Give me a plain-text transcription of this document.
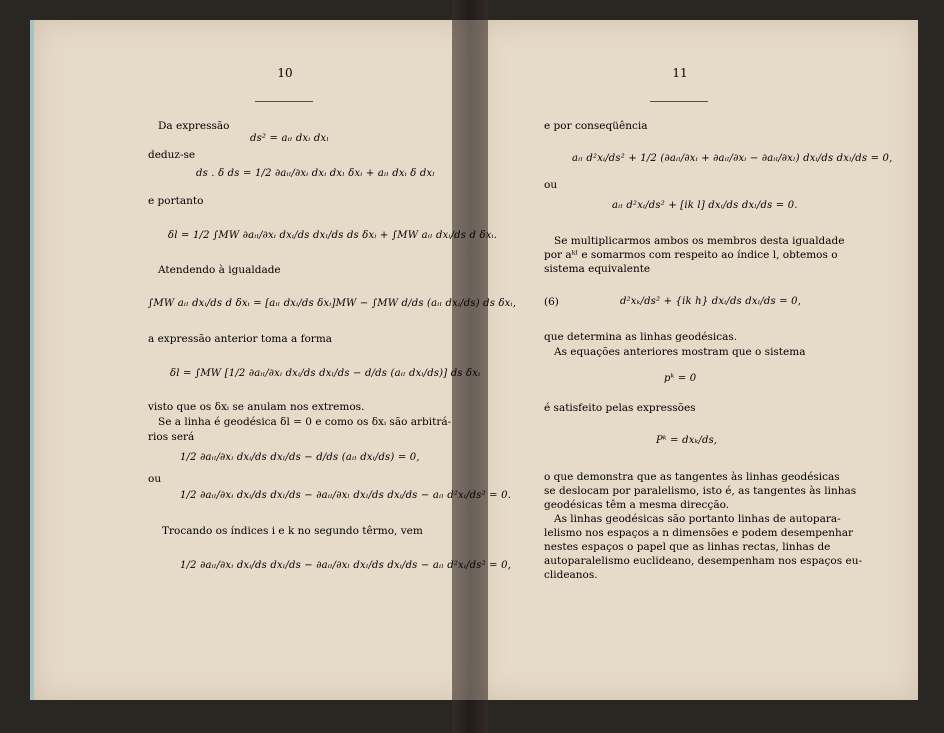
10	11
Da expressão
ds² = aᵢₗ dxᵢ dxₗ
deduz-se
ds . δ ds = 1/2 ∂aᵢₗ/∂xᵢ dxᵢ dxₗ δxᵢ + aᵢₗ dxᵢ δ dxₗ
e portanto
δl = 1/2 ∫MW ∂aᵢₗ/∂xᵢ dxᵢ/ds dxₗ/ds ds δxᵢ + ∫MW aᵢₗ dxᵢ/ds d δxᵢ.
Atendendo à igualdade
∫MW aᵢₗ dxᵢ/ds d δxᵢ = [aᵢₗ dxᵢ/ds δxᵢ]MW − ∫MW d/ds (aᵢₗ dxᵢ/ds) ds δxᵢ,
a expressão anterior toma a forma
δl = ∫MW [1/2 ∂aᵢₗ/∂xᵢ dxᵢ/ds dxₗ/ds − d/ds (aᵢₗ dxᵢ/ds)] ds δxᵢ
visto que os δxᵢ se anulam nos extremos.
Se a linha é geodésica δl = 0 e como os δxᵢ são arbitrá-
rios será
1/2 ∂aᵢₗ/∂xᵢ dxᵢ/ds dxₗ/ds − d/ds (aᵢₗ dxᵢ/ds) = 0,
ou
1/2 ∂aᵢₗ/∂xᵢ dxᵢ/ds dxₗ/ds − ∂aᵢₗ/∂xₗ dxₗ/ds dxᵢ/ds − aᵢₗ d²xᵢ/ds² = 0.
Trocando os índices i e k no segundo têrmo, vem
1/2 ∂aᵢₗ/∂xᵢ dxᵢ/ds dxₗ/ds − ∂aᵢₗ/∂xₗ dxₗ/ds dxᵢ/ds − aᵢₗ d²xᵢ/ds² = 0,
e por conseqüência
aᵢₗ d²xᵢ/ds² + 1/2 (∂aᵢₗ/∂xᵢ + ∂aᵢₗ/∂xᵢ − ∂aᵢₗ/∂xₗ) dxᵢ/ds dxₗ/ds = 0,
ou
aᵢₗ d²xᵢ/ds² + [ik l] dxᵢ/ds dxₗ/ds = 0.
Se multiplicarmos ambos os membros desta igualdade
por aᵏˡ e somarmos com respeito ao índice l, obtemos o
sistema equivalente
(6)	d²xₖ/ds² + {ik h} dxᵢ/ds dxₗ/ds = 0,
que determina as linhas geodésicas.
As equações anteriores mostram que o sistema
pᵏ = 0
é satisfeito pelas expressões
Pᵏ = dxₖ/ds,
o que demonstra que as tangentes às linhas geodésicas
se deslocam por paralelismo, isto é, as tangentes às linhas
geodésicas têm a mesma direcção.
As linhas geodésicas são portanto linhas de autoparа-
lelismo nos espaços a n dimensões e podem desempenhar
nestes espaços o papel que as linhas rectas, linhas de
autoparalelismo euclideano, desempenham nos espaços eu-
clideanos.
